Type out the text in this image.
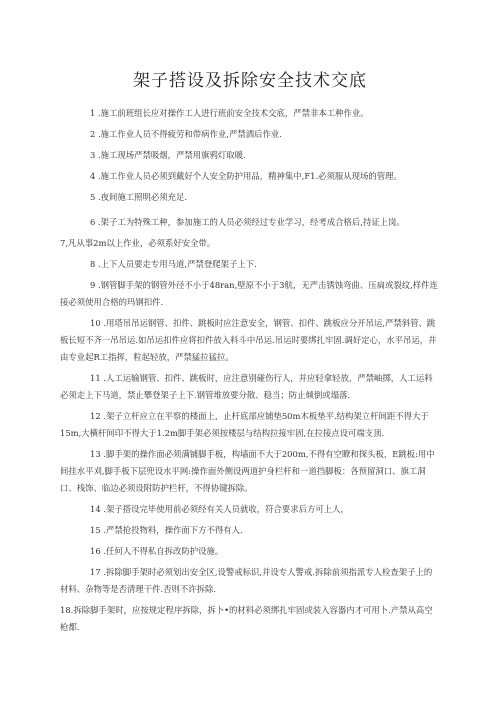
架子搭设及拆除安全技术交底

1 .施工前班组长应对操作工人进行班前安全技术交底，严禁非本工种作业。

2 .施工作业人员不得疲劳和带病作业,严禁酒后作业.

3 .施工现场严禁吸烟，严禁用旗鸦灯取暖.

4 .施工作业人员必须到戴好个人安全防护用品，精神集中,F1.必须服从现场的管理。

5 .夜间施工照明必须充足.

6 .架子工为特殊工种，参加施工的人员必须经过专业学习，经考成合格后,持证上岗。

7,凡从事2m以上作业，必须系好安全带。

8 .上下人员要走专用马道,严禁登爬架子上下.

9 .钢管脚手架的钢管外径不小于48ran,壁原不小于3航，无严击锈蚀弯曲、压扁或裂纹,样件连接必须使用合格的玛钢扣件.

10 .用塔吊吊运钢管、扣件、跳板时应注意安全，钢管、扣件、跳板应分开吊运,严禁斜管、跳板长短不齐一吊吊运.如吊运扣件应将扣件放入料斗中吊运.吊运时要绑扎牢固.调好定心，水平吊运，并由专业起R工指挥，粒起轻放，严禁猛拉猛拉。

11 .人工运输钢管、扣件、跳板时，应注意别碰伤行人，并应轻拿轻放，严禁岫掷，人工运料必须走上下马道，禁止攀登架子上下.钢管堆放要分散、稳当；防止倾倒或塌落.

12 .架子立杆应立在平察的楼面上，止杆底部应铺垫50m木板垫平.结构架立杆间距不得大于15m,大横杆间印不得大于1.2m脚手架必须按楼层与结构拉接牢固,在拉接点设可端支顶.

13 .脚手架的操作面必须满铺脚手板，构墙面不大于200m,不得有空瞭和探头板，E跳板:用中间挂水平刈,脚手板下层兜设水平网:操作面外侧设两道护身栏杆和一道挡脚板：各预留洞口、旗工洞口、栈饰、临边必须设附防护栏杆，不得协键拆除。

14 .架子搭设完毕使用前必须经有关人员就收，符合要求后方可上人，

15 .严禁抢投物料，操作面下方不得有人.

16 .任何人不得私自拆改防护设施。

17 .拆除脚手架时必须划出安全区,设警戒标识,并设专人警戒.拆除前须指派专人检查架子上的材料、杂物等是否清理干件.否则不许拆除.

18.拆除脚手架时，应按规定程序拆除，拆卜•的材料必须绑扎牢固或装入容器内才可用卜.产禁从高空枪都.
